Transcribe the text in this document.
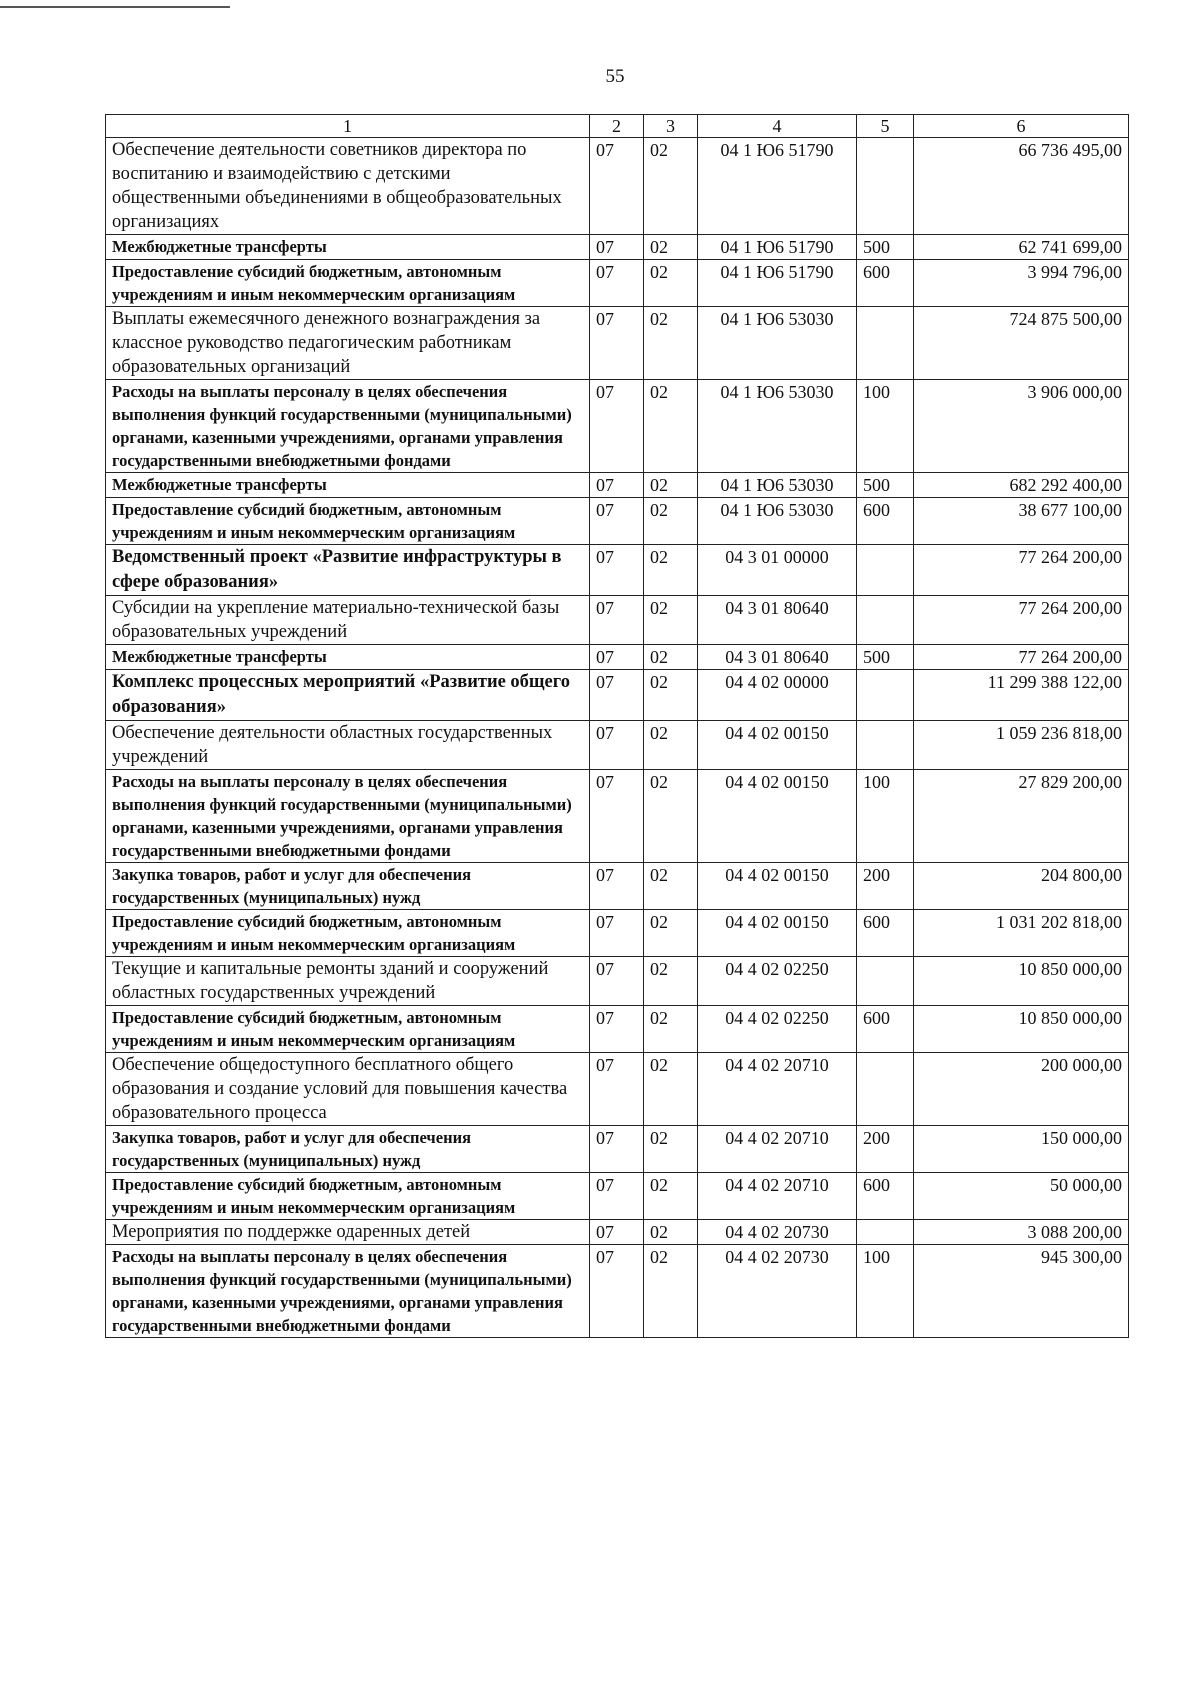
55
1	2	3	4	5	6
Обеспечение деятельности советников директора по воспитанию и взаимодействию с детскими общественными объединениями в общеобразовательных организациях	07	02	04 1 Ю6 51790		66 736 495,00
Межбюджетные трансферты	07	02	04 1 Ю6 51790	500	62 741 699,00
Предоставление субсидий бюджетным, автономным учреждениям и иным некоммерческим организациям	07	02	04 1 Ю6 51790	600	3 994 796,00
Выплаты ежемесячного денежного вознаграждения за классное руководство педагогическим работникам образовательных организаций	07	02	04 1 Ю6 53030		724 875 500,00
Расходы на выплаты персоналу в целях обеспечения выполнения функций государственными (муниципальными) органами, казенными учреждениями, органами управления государственными внебюджетными фондами	07	02	04 1 Ю6 53030	100	3 906 000,00
Межбюджетные трансферты	07	02	04 1 Ю6 53030	500	682 292 400,00
Предоставление субсидий бюджетным, автономным учреждениям и иным некоммерческим организациям	07	02	04 1 Ю6 53030	600	38 677 100,00
Ведомственный проект «Развитие инфраструктуры в сфере образования»	07	02	04 3 01 00000		77 264 200,00
Субсидии на укрепление материально-технической базы образовательных учреждений	07	02	04 3 01 80640		77 264 200,00
Межбюджетные трансферты	07	02	04 3 01 80640	500	77 264 200,00
Комплекс процессных мероприятий «Развитие общего образования»	07	02	04 4 02 00000		11 299 388 122,00
Обеспечение деятельности областных государственных учреждений	07	02	04 4 02 00150		1 059 236 818,00
Расходы на выплаты персоналу в целях обеспечения выполнения функций государственными (муниципальными) органами, казенными учреждениями, органами управления государственными внебюджетными фондами	07	02	04 4 02 00150	100	27 829 200,00
Закупка товаров, работ и услуг для обеспечения государственных (муниципальных) нужд	07	02	04 4 02 00150	200	204 800,00
Предоставление субсидий бюджетным, автономным учреждениям и иным некоммерческим организациям	07	02	04 4 02 00150	600	1 031 202 818,00
Текущие и капитальные ремонты зданий и сооружений областных государственных учреждений	07	02	04 4 02 02250		10 850 000,00
Предоставление субсидий бюджетным, автономным учреждениям и иным некоммерческим организациям	07	02	04 4 02 02250	600	10 850 000,00
Обеспечение общедоступного бесплатного общего образования и создание условий для повышения качества образовательного процесса	07	02	04 4 02 20710		200 000,00
Закупка товаров, работ и услуг для обеспечения государственных (муниципальных) нужд	07	02	04 4 02 20710	200	150 000,00
Предоставление субсидий бюджетным, автономным учреждениям и иным некоммерческим организациям	07	02	04 4 02 20710	600	50 000,00
Мероприятия по поддержке одаренных детей	07	02	04 4 02 20730		3 088 200,00
Расходы на выплаты персоналу в целях обеспечения выполнения функций государственными (муниципальными) органами, казенными учреждениями, органами управления государственными внебюджетными фондами	07	02	04 4 02 20730	100	945 300,00
